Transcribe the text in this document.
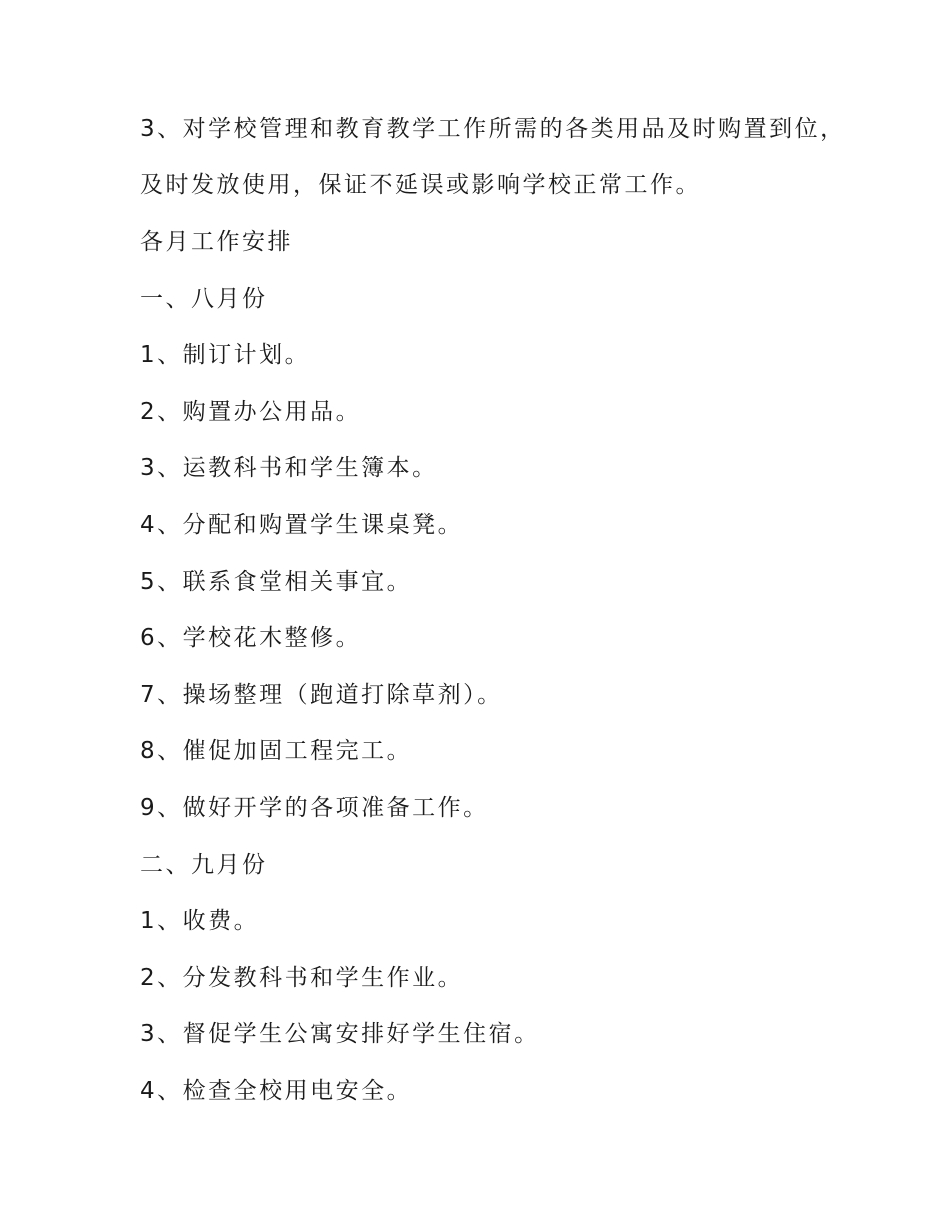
3、对学校管理和教育教学工作所需的各类用品及时购置到位，
及时发放使用，保证不延误或影响学校正常工作。
各月工作安排
一、八月份
1、制订计划。
2、购置办公用品。
3、运教科书和学生簿本。
4、分配和购置学生课桌凳。
5、联系食堂相关事宜。
6、学校花木整修。
7、操场整理（跑道打除草剂）。
8、催促加固工程完工。
9、做好开学的各项准备工作。
二、九月份
1、收费。
2、分发教科书和学生作业。
3、督促学生公寓安排好学生住宿。
4、检查全校用电安全。
